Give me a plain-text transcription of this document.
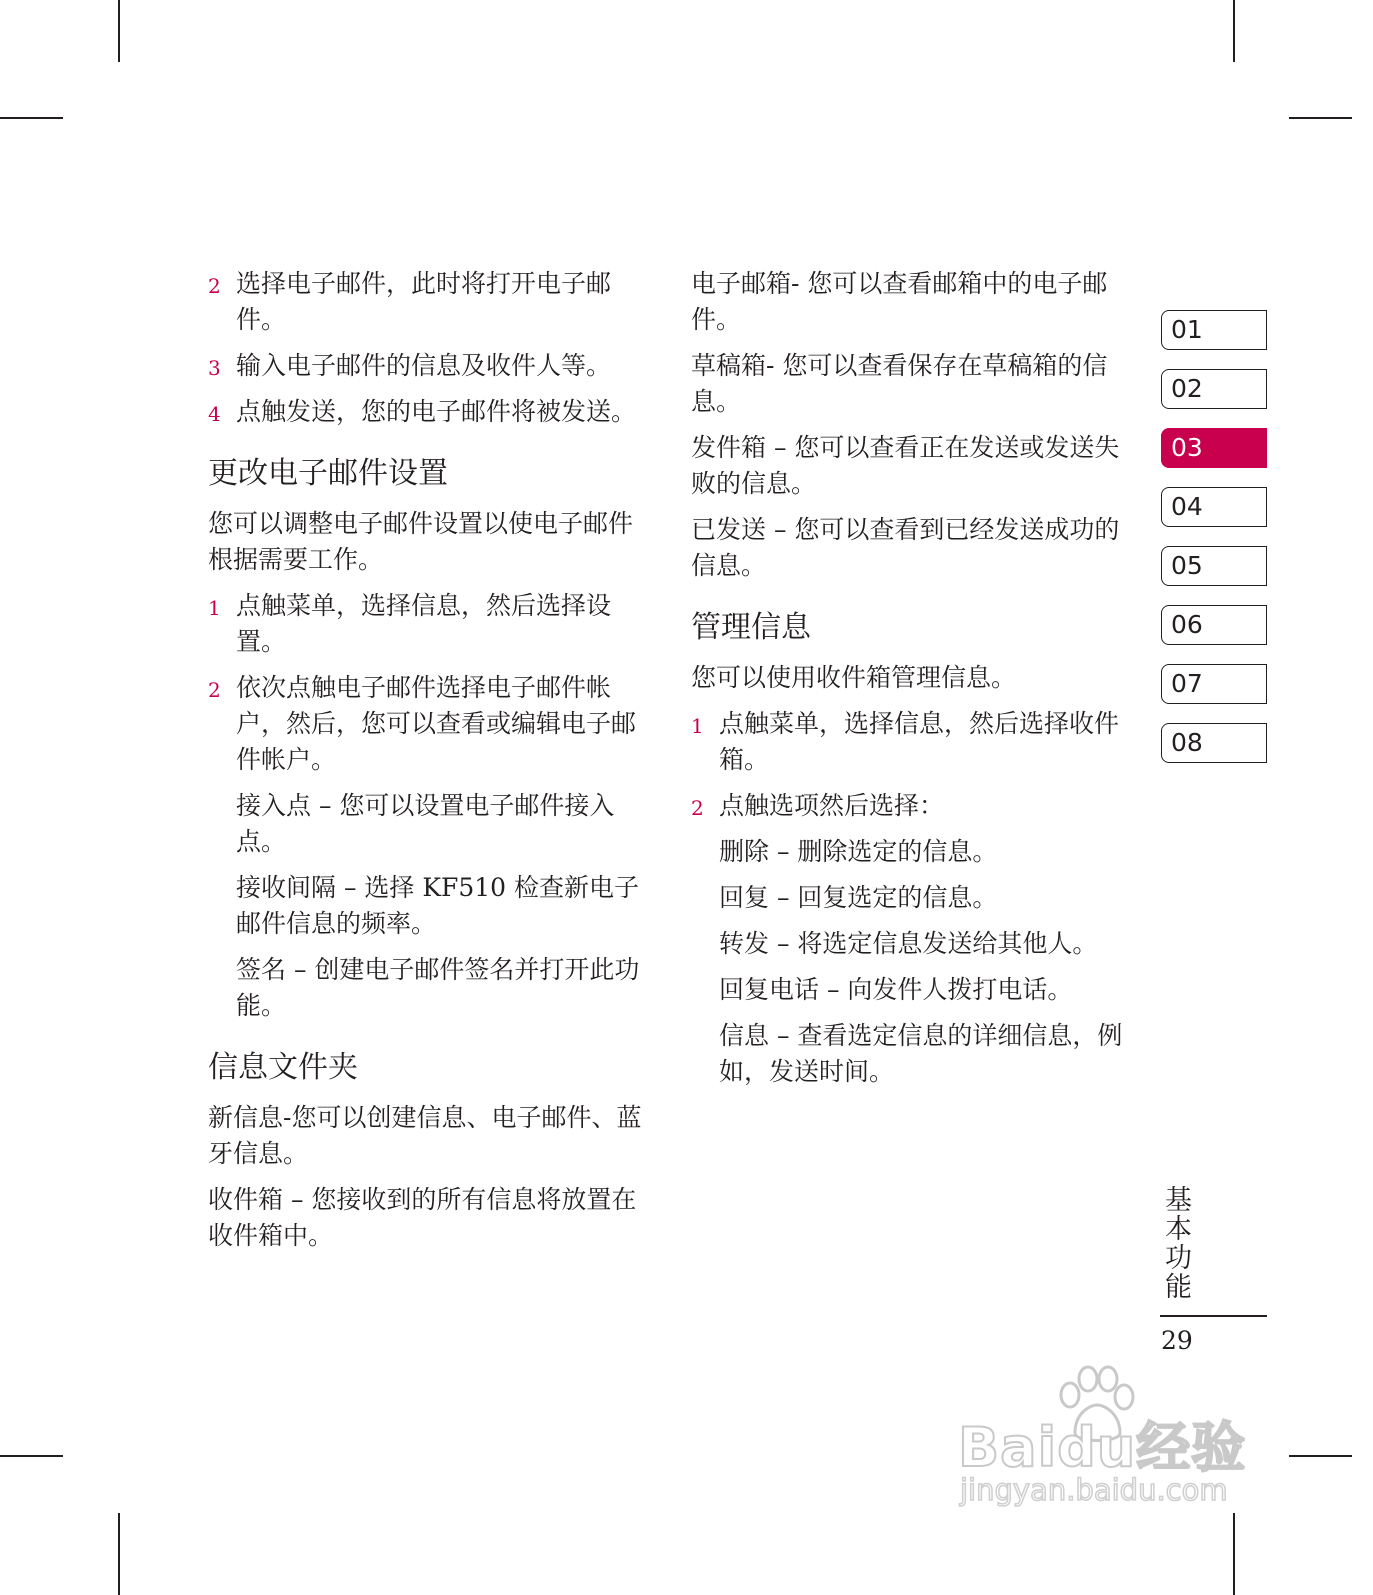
2 选择电子邮件，此时将打开电子邮件。
3 输入电子邮件的信息及收件人等。
4 点触发送，您的电子邮件将被发送。
更改电子邮件设置

您可以调整电子邮件设置以使电子邮件根据需要工作。

1 点触菜单，选择信息，然后选择设置。
2 依次点触电子邮件选择电子邮件帐户，然后，您可以查看或编辑电子邮件帐户。

接入点 – 您可以设置电子邮件接入点。

接收间隔 – 选择 KF510 检查新电子邮件信息的频率。

签名 – 创建电子邮件签名并打开此功能。

信息文件夹

新信息-您可以创建信息、电子邮件、蓝牙信息。

收件箱 – 您接收到的所有信息将放置在收件箱中。

电子邮箱- 您可以查看邮箱中的电子邮件。

草稿箱- 您可以查看保存在草稿箱的信息。

发件箱 – 您可以查看正在发送或发送失败的信息。

已发送 – 您可以查看到已经发送成功的信息。

管理信息

您可以使用收件箱管理信息。

1 点触菜单，选择信息，然后选择收件箱。
2 点触选项然后选择：

删除 – 删除选定的信息。

回复 – 回复选定的信息。

转发 – 将选定信息发送给其他人。

回复电话 – 向发件人拨打电话。

信息 – 查看选定信息的详细信息，例如，发送时间。

01
02
03
04
05
06
07
08
基本功能
29
Baidu经验
jingyan.baidu.com
